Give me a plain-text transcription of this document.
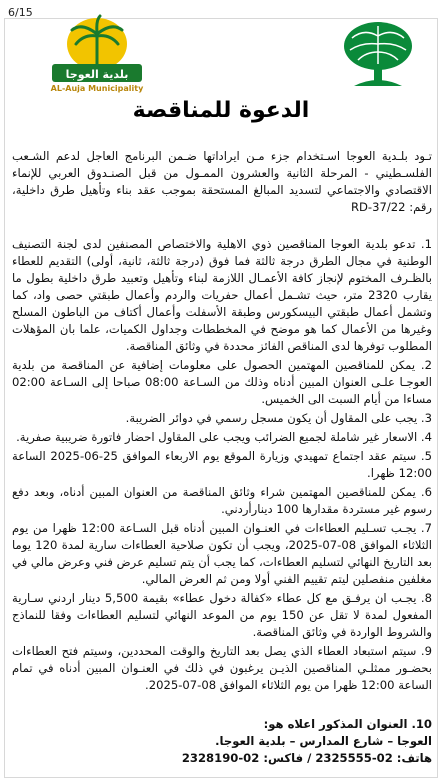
6/15
بلدية العوجا
AL-Auja Municipality
الدعوة للمناقصة
تـود بلـدية العوجا اسـتخدام جزء مـن ايراداتها ضـمن البرنامج العاجل لدعم الشـعب الفلسـطيني - المرحلة الثانية والعشرون الممـول من قبل الصنـدوق العربي للإنماء الاقتصادي والاجتماعي لتسديد المبالغ المستحقة بموجب عقد بناء وتأهيل طرق داخلية، رقم: 22/RD-37

1. تدعو بلدية العوجا المناقصين ذوي الاهلية والاختصاص المصنفين لدى لجنة التصنيف الوطنية في مجال الطرق درجة ثالثة فما فوق (درجة ثالثة، ثانية، أولى) التقديم للعطاء بالظـرف المختوم لإنجاز كافة الأعمـال اللازمة لبناء وتأهيل وتعبيد طرق داخلية بطول ما يقارب 2320 متر، حيث تشـمل أعمال حفريات والردم وأعمال طبقتي حصى واد، كما وتشمل أعمال طبقتي البيسكورس وطبقة الأسفلت وأعمال أكتاف من الباطون المسلح وغيرها من الأعمال كما هو موضح في المخططات وجداول الكميات، علما بان المؤهلات المطلوب توفرها لدى المناقص الفائز محددة في وثائق المناقصة.

2. يمكن للمناقصين المهتمين الحصول على معلومات إضافية عن المناقصة من بلدية العوجـا علـى العنوان المبين أدناه وذلك من السـاعة 08:00 صباحا إلى السـاعة 02:00 مساءا من أيام السبت الى الخميس.

3. يجب على المقاول أن يكون مسجل رسمي في دوائر الضريبة.

4. الاسعار غير شاملة لجميع الضرائب ويجب على المقاول احضار فاتورة ضريبية صفرية.

5. سيتم عقد اجتماع تمهيدي وزيارة الموقع يوم الاربعاء الموافق 25-06-2025 الساعة 12:00 ظهرا.

6. يمكن للمناقصين المهتمين شراء وثائق المناقصة من العنوان المبين أدناه، وبعد دفع رسوم غير مستردة مقدارها 100 دينارأردني.

7. يجـب تسـليم العطاءات في العنـوان المبين أدناه قبل السـاعة 12:00 ظهرا من يوم الثلاثاء الموافق 08-07-2025، ويجب أن تكون صلاحية العطاءات سارية لمدة 120 يوما بعد التاريخ النهائي لتسليم العطاءات، كما يجب أن يتم تسليم عرض فني وعرض مالي في مغلفين منفصلين ليتم تقييم الفني أولا ومن ثم العرض المالي.

8. يجـب ان يرفـق مع كل عطاء «كفالة دخول عطاء» بقيمة 5,500 دينار اردني سـارية المفعول لمدة لا تقل عن 150 يوم من الموعد النهائي لتسليم العطاءات وفقا للنماذج والشروط الواردة في وثائق المناقصة.

9. سيتم استبعاد العطاء الذي يصل بعد التاريخ والوقت المحددين، وسيتم فتح العطاءات بحضـور ممثلـي المناقصين الذيـن يرغبون في ذلك في العنـوان المبين أدناه في تمام الساعة 12:00 ظهرا من يوم الثلاثاء الموافق 08-07-2025.

10. العنوان المذكور اعلاه هو:
العوجا – شارع المدارس – بلدية العوجا.
هاتف: 02-2325555 / فاكس: 02-2328190
